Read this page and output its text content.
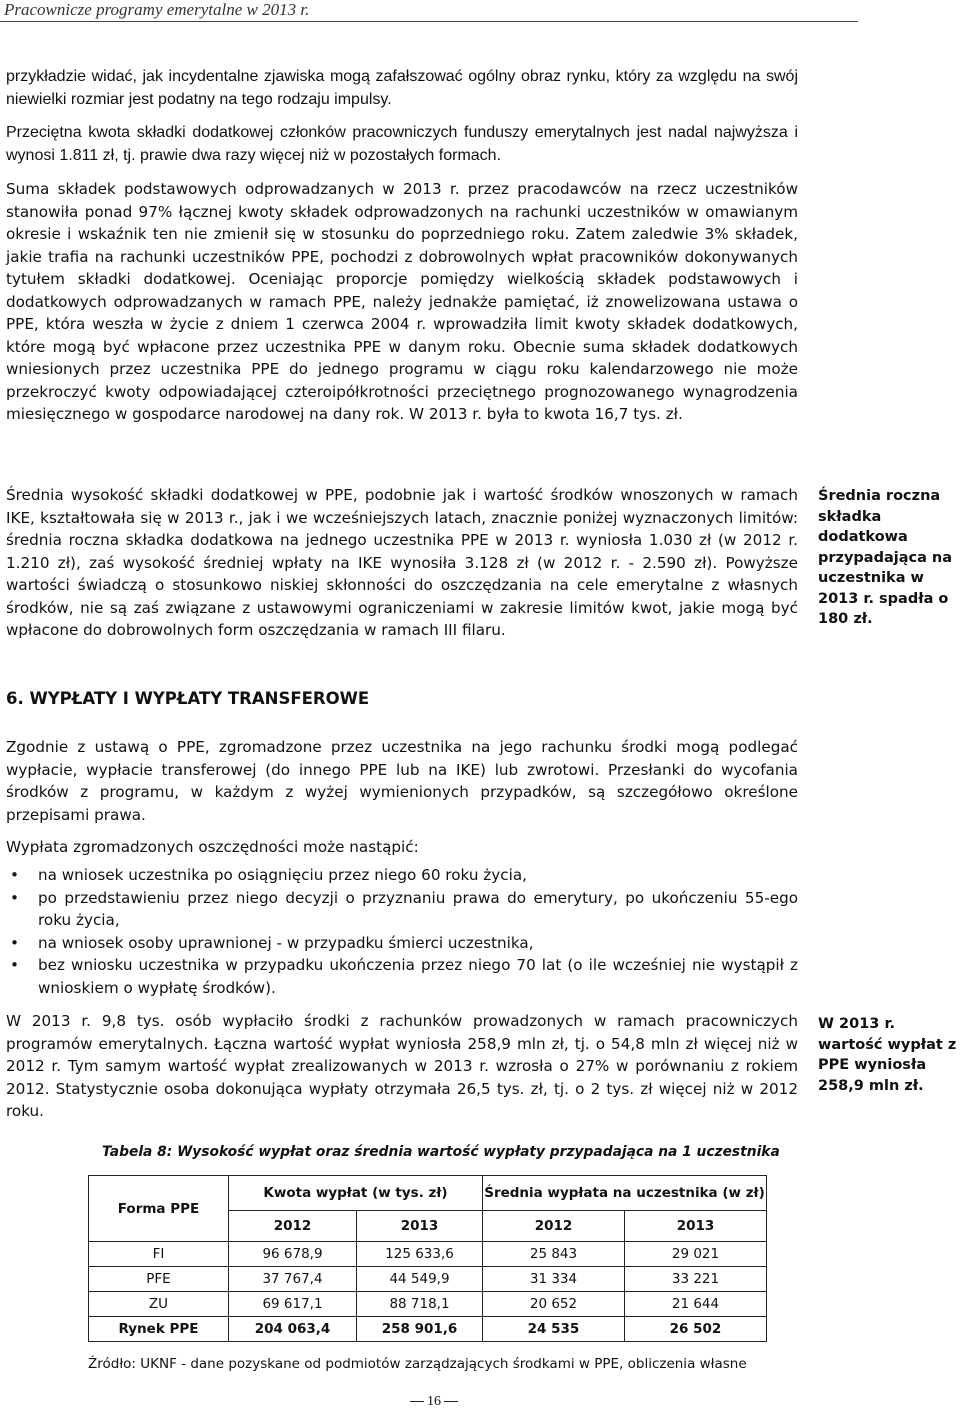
Pracownicze programy emerytalne w 2013 r.

przykładzie widać, jak incydentalne zjawiska mogą zafałszować ogólny obraz rynku, który za względu na swój niewielki rozmiar jest podatny na tego rodzaju impulsy.

Przeciętna kwota składki dodatkowej członków pracowniczych funduszy emerytalnych jest nadal najwyższa i wynosi 1.811 zł, tj. prawie dwa razy więcej niż w pozostałych formach.

Suma składek podstawowych odprowadzanych w 2013 r. przez pracodawców na rzecz uczestników stanowiła ponad 97% łącznej kwoty składek odprowadzonych na rachunki uczestników w omawianym okresie i wskaźnik ten nie zmienił się w stosunku do poprzedniego roku. Zatem zaledwie 3% składek, jakie trafia na rachunki uczestników PPE, pochodzi z dobrowolnych wpłat pracowników dokonywanych tytułem składki dodatkowej. Oceniając proporcje pomiędzy wielkością składek podstawowych i dodatkowych odprowadzanych w ramach PPE, należy jednakże pamiętać, iż znowelizowana ustawa o PPE, która weszła w życie z dniem 1 czerwca 2004 r. wprowadziła limit kwoty składek dodatkowych, które mogą być wpłacone przez uczestnika PPE w danym roku. Obecnie suma składek dodatkowych wniesionych przez uczestnika PPE do jednego programu w ciągu roku kalendarzowego nie może przekroczyć kwoty odpowiadającej czteroipółkrotności przeciętnego prognozowanego wynagrodzenia miesięcznego w gospodarce narodowej na dany rok. W 2013 r. była to kwota 16,7 tys. zł.

Średnia wysokość składki dodatkowej w PPE, podobnie jak i wartość środków wnoszonych w ramach IKE, kształtowała się w 2013 r., jak i we wcześniejszych latach, znacznie poniżej wyznaczonych limitów: średnia roczna składka dodatkowa na jednego uczestnika PPE w 2013 r. wyniosła 1.030 zł (w 2012 r. 1.210 zł), zaś wysokość średniej wpłaty na IKE wynosiła 3.128 zł (w 2012 r. - 2.590 zł). Powyższe wartości świadczą o stosunkowo niskiej skłonności do oszczędzania na cele emerytalne z własnych środków, nie są zaś związane z ustawowymi ograniczeniami w zakresie limitów kwot, jakie mogą być wpłacone do dobrowolnych form oszczędzania w ramach III filaru.

Średnia roczna składka dodatkowa przypadająca na uczestnika w 2013 r. spadła o 180 zł.
6. WYPŁATY I WYPŁATY TRANSFEROWE

Zgodnie z ustawą o PPE, zgromadzone przez uczestnika na jego rachunku środki mogą podlegać wypłacie, wypłacie transferowej (do innego PPE lub na IKE) lub zwrotowi. Przesłanki do wycofania środków z programu, w każdym z wyżej wymienionych przypadków, są szczegółowo określone przepisami prawa.

Wypłata zgromadzonych oszczędności może nastąpić:

• na wniosek uczestnika po osiągnięciu przez niego 60 roku życia,
• po przedstawieniu przez niego decyzji o przyznaniu prawa do emerytury, po ukończeniu 55-ego roku życia,
• na wniosek osoby uprawnionej - w przypadku śmierci uczestnika,
• bez wniosku uczestnika w przypadku ukończenia przez niego 70 lat (o ile wcześniej nie wystąpił z wnioskiem o wypłatę środków).

W 2013 r. 9,8 tys. osób wypłaciło środki z rachunków prowadzonych w ramach pracowniczych programów emerytalnych. Łączna wartość wypłat wyniosła 258,9 mln zł, tj. o 54,8 mln zł więcej niż w 2012 r. Tym samym wartość wypłat zrealizowanych w 2013 r. wzrosła o 27% w porównaniu z rokiem 2012. Statystycznie osoba dokonująca wypłaty otrzymała 26,5 tys. zł, tj. o 2 tys. zł więcej niż w 2012 roku.

W 2013 r. wartość wypłat z PPE wyniosła 258,9 mln zł.
Tabela 8: Wysokość wypłat oraz średnia wartość wypłaty przypadająca na 1 uczestnika
Forma PPE	Kwota wypłat (w tys. zł)		Średnia wypłata na uczestnika (w zł)	
	2012	2013	2012	2013
FI	96 678,9	125 633,6	25 843	29 021
PFE	37 767,4	44 549,9	31 334	33 221
ZU	69 617,1	88 718,1	20 652	21 644
Rynek PPE	204 063,4	258 901,6	24 535	26 502
Źródło: UKNF - dane pozyskane od podmiotów zarządzających środkami w PPE, obliczenia własne
16
